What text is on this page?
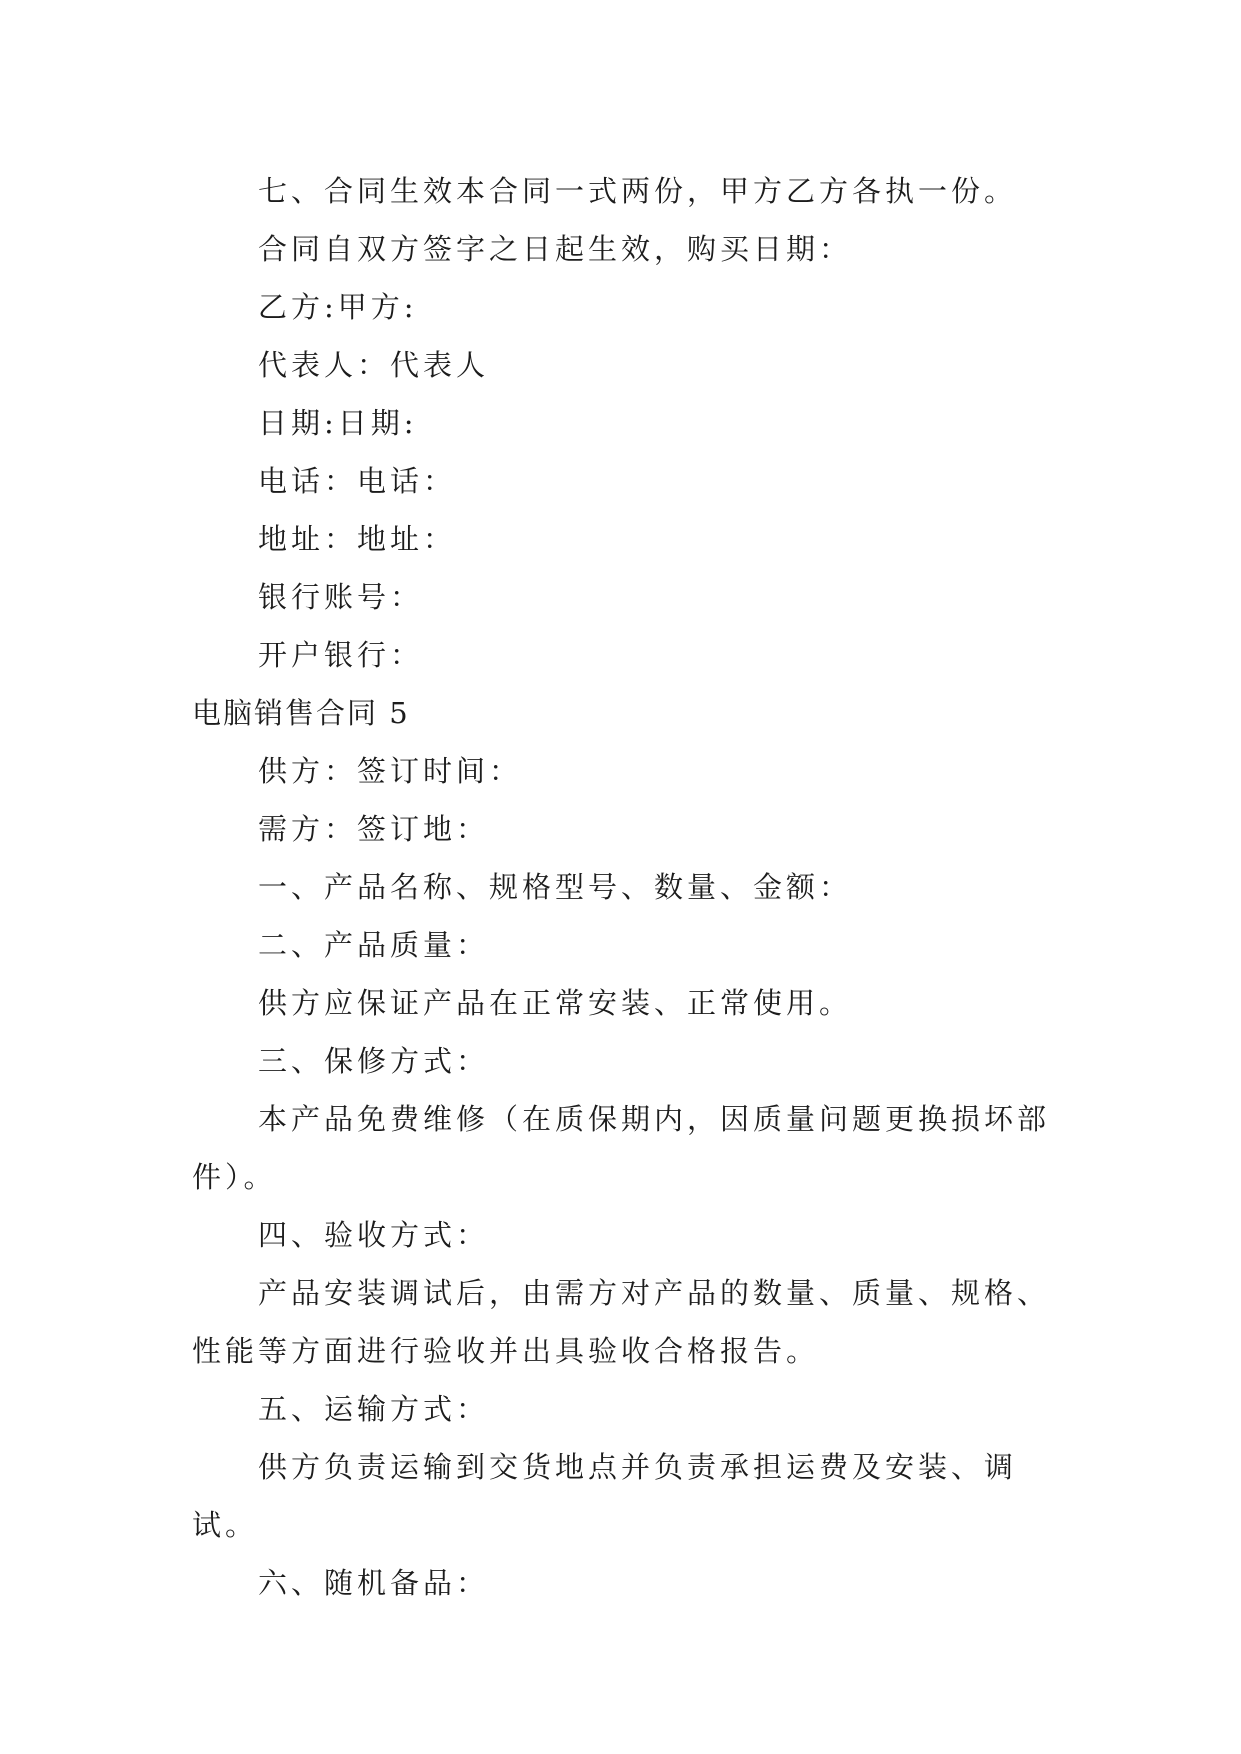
七、合同生效本合同一式两份，甲方乙方各执一份。

合同自双方签字之日起生效，购买日期：

乙方:甲方:

代表人：代表人

日期:日期:

电话：电话：

地址：地址：

银行账号：

开户银行：

电脑销售合同 5

供方：签订时间：

需方：签订地：

一、产品名称、规格型号、数量、金额：

二、产品质量：

供方应保证产品在正常安装、正常使用。

三、保修方式：

本产品免费维修（在质保期内，因质量问题更换损坏部件）。

四、验收方式：

产品安装调试后，由需方对产品的数量、质量、规格、性能等方面进行验收并出具验收合格报告。

五、运输方式：

供方负责运输到交货地点并负责承担运费及安装、调试。

六、随机备品：
